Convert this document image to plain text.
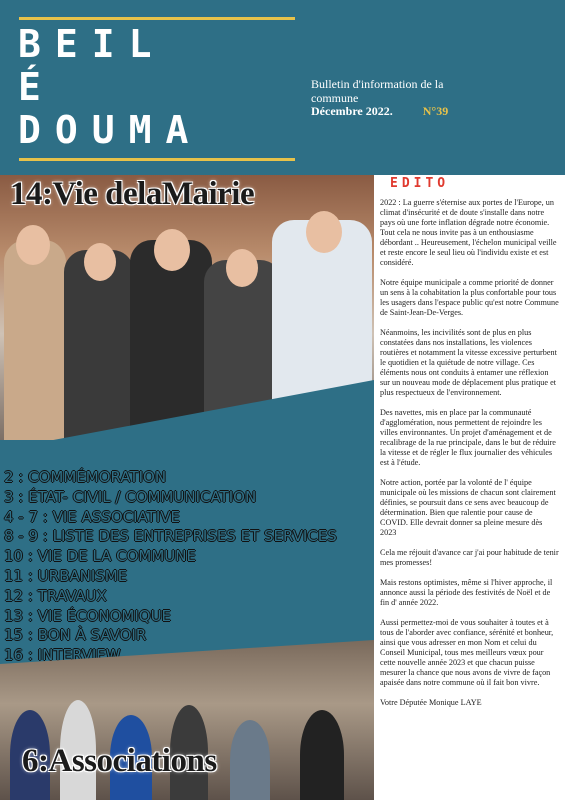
BEIL
É
DOUMA
Bulletin d'information de la commune
Décembre 2022.	N°39
14:Vie delaMairie
2 : COMMÉMORATION
3 : ÉTAT- CIVIL / COMMUNICATION
4 - 7 : VIE ASSOCIATIVE
8 - 9 : LISTE DES ENTREPRISES ET SERVICES
10 : VIE DE LA COMMUNE
11 : URBANISME
12 : TRAVAUX
13 : VIE ÉCONOMIQUE
15 : BON À SAVOIR
16 : INTERVIEW
6:Associations
EDITO

2022 : La guerre s'éternise aux portes de l'Europe, un climat d'insécurité et de doute s'installe dans notre pays où une forte inflation dégrade notre économie. Tout cela ne nous invite pas à un enthousiasme débordant .. Heureusement, l'échelon municipal veille et reste encore le seul lieu où l'individu existe et est considéré.

Notre équipe municipale a comme priorité de donner un sens à la cohabitation la plus confortable pour tous les usagers dans l'espace public qu'est notre Commune de Saint-Jean-De-Verges.

Néanmoins, les incivilités sont de plus en plus constatées dans nos installations, les violences routières et notamment la vitesse excessive perturbent le quotidien et la quiétude de notre village. Ces éléments nous ont conduits à entamer une réflexion sur un nouveau mode de déplacement plus pratique et plus respectueux de l'environnement.

Des navettes, mis en place par la communauté d'agglomération, nous permettent de rejoindre les villes environnantes. Un projet d'aménagement et de recalibrage de la rue principale, dans le but de réduire la vitesse et de régler le flux journalier des véhicules est à l'étude.

Notre action, portée par la volonté de l' équipe municipale où les missions de chacun sont clairement définies, se poursuit dans ce sens avec beaucoup de détermination. Bien que ralentie pour cause de COVID. Elle devrait donner sa pleine mesure dès 2023

Cela me réjouit d'avance car j'ai pour habitude de tenir mes promesses!

Mais restons optimistes, même si l'hiver approche, il annonce aussi la période des festivités de Noël et de fin d' année 2022.

Aussi permettez-moi de vous souhaiter à toutes et à tous de l'aborder avec confiance, sérénité et bonheur, ainsi que vous adresser en mon Nom et celui du Conseil Municipal, tous mes meilleurs vœux pour cette nouvelle année 2023 et que chacun puisse mesurer la chance que nous avons de vivre de façon apaisée dans notre commune où il fait bon vivre.

Votre Députée Monique LAYE
